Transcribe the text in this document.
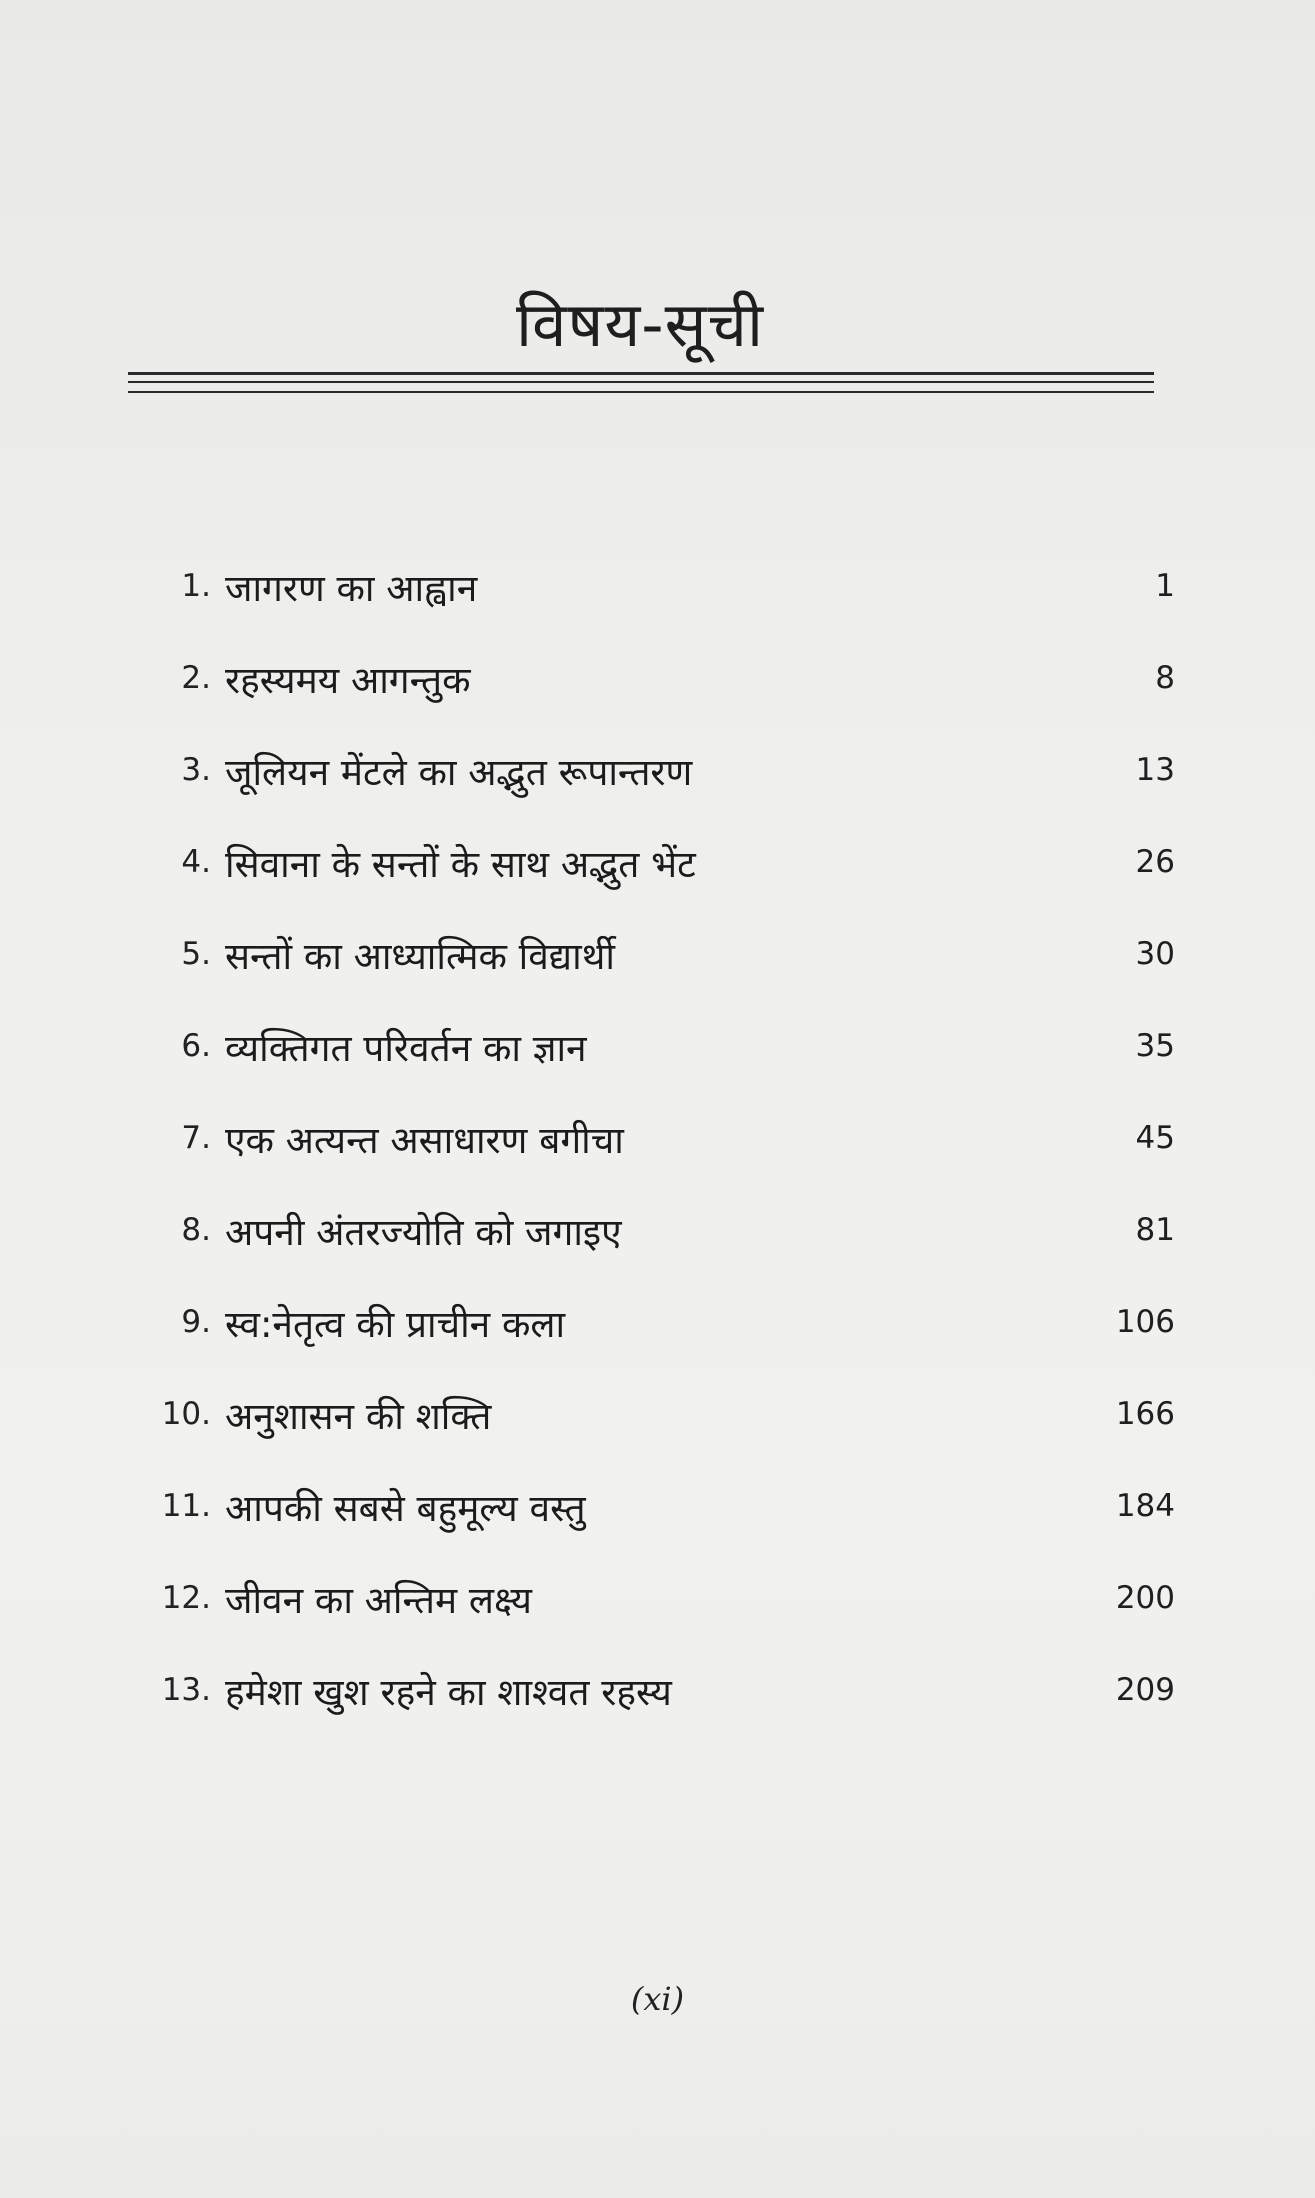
विषय-सूची
1. जागरण का आह्वान	1
2. रहस्यमय आगन्तुक	8
3. जूलियन मेंटले का अद्भुत रूपान्तरण	13
4. सिवाना के सन्तों के साथ अद्भुत भेंट	26
5. सन्तों का आध्यात्मिक विद्यार्थी	30
6. व्यक्तिगत परिवर्तन का ज्ञान	35
7. एक अत्यन्त असाधारण बगीचा	45
8. अपनी अंतरज्योति को जगाइए	81
9. स्व:नेतृत्व की प्राचीन कला	106
10. अनुशासन की शक्ति	166
11. आपकी सबसे बहुमूल्य वस्तु	184
12. जीवन का अन्तिम लक्ष्य	200
13. हमेशा खुश रहने का शाश्वत रहस्य	209
(xi)
